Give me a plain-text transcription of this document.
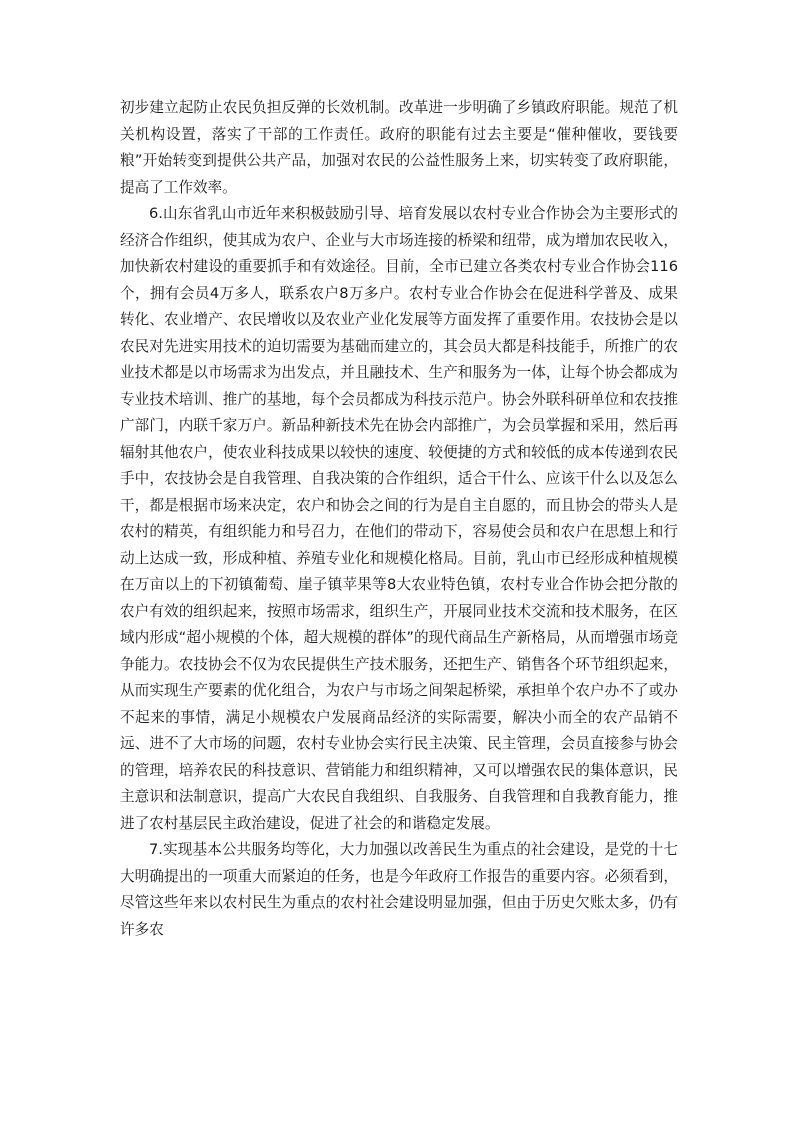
初步建立起防止农民负担反弹的长效机制。改革进一步明确了乡镇政府职能。规范了机关机构设置，落实了干部的工作责任。政府的职能有过去主要是“催种催收，要钱要粮”开始转变到提供公共产品，加强对农民的公益性服务上来，切实转变了政府职能，提高了工作效率。

6.山东省乳山市近年来积极鼓励引导、培育发展以农村专业合作协会为主要形式的经济合作组织，使其成为农户、企业与大市场连接的桥梁和纽带，成为增加农民收入，加快新农村建设的重要抓手和有效途径。目前，全市已建立各类农村专业合作协会116个，拥有会员4万多人，联系农户8万多户。农村专业合作协会在促进科学普及、成果转化、农业增产、农民增收以及农业产业化发展等方面发挥了重要作用。农技协会是以农民对先进实用技术的迫切需要为基础而建立的，其会员大都是科技能手，所推广的农业技术都是以市场需求为出发点，并且融技术、生产和服务为一体，让每个协会都成为专业技术培训、推广的基地，每个会员都成为科技示范户。协会外联科研单位和农技推广部门，内联千家万户。新品种新技术先在协会内部推广，为会员掌握和采用，然后再辐射其他农户，使农业科技成果以较快的速度、较便捷的方式和较低的成本传递到农民手中，农技协会是自我管理、自我决策的合作组织，适合干什么、应该干什么以及怎么干，都是根据市场来决定，农户和协会之间的行为是自主自愿的，而且协会的带头人是农村的精英，有组织能力和号召力，在他们的带动下，容易使会员和农户在思想上和行动上达成一致，形成种植、养殖专业化和规模化格局。目前，乳山市已经形成种植规模在万亩以上的下初镇葡萄、崖子镇苹果等8大农业特色镇，农村专业合作协会把分散的农户有效的组织起来，按照市场需求，组织生产，开展同业技术交流和技术服务，在区域内形成“超小规模的个体，超大规模的群体”的现代商品生产新格局，从而增强市场竞争能力。农技协会不仅为农民提供生产技术服务，还把生产、销售各个环节组织起来，从而实现生产要素的优化组合，为农户与市场之间架起桥梁，承担单个农户办不了或办不起来的事情，满足小规模农户发展商品经济的实际需要，解决小而全的农产品销不远、进不了大市场的问题，农村专业协会实行民主决策、民主管理，会员直接参与协会的管理，培养农民的科技意识、营销能力和组织精神，又可以增强农民的集体意识，民主意识和法制意识，提高广大农民自我组织、自我服务、自我管理和自我教育能力，推进了农村基层民主政治建设，促进了社会的和谐稳定发展。

7.实现基本公共服务均等化，大力加强以改善民生为重点的社会建设，是党的十七大明确提出的一项重大而紧迫的任务，也是今年政府工作报告的重要内容。必须看到，尽管这些年来以农村民生为重点的农村社会建设明显加强，但由于历史欠账太多，仍有许多农
